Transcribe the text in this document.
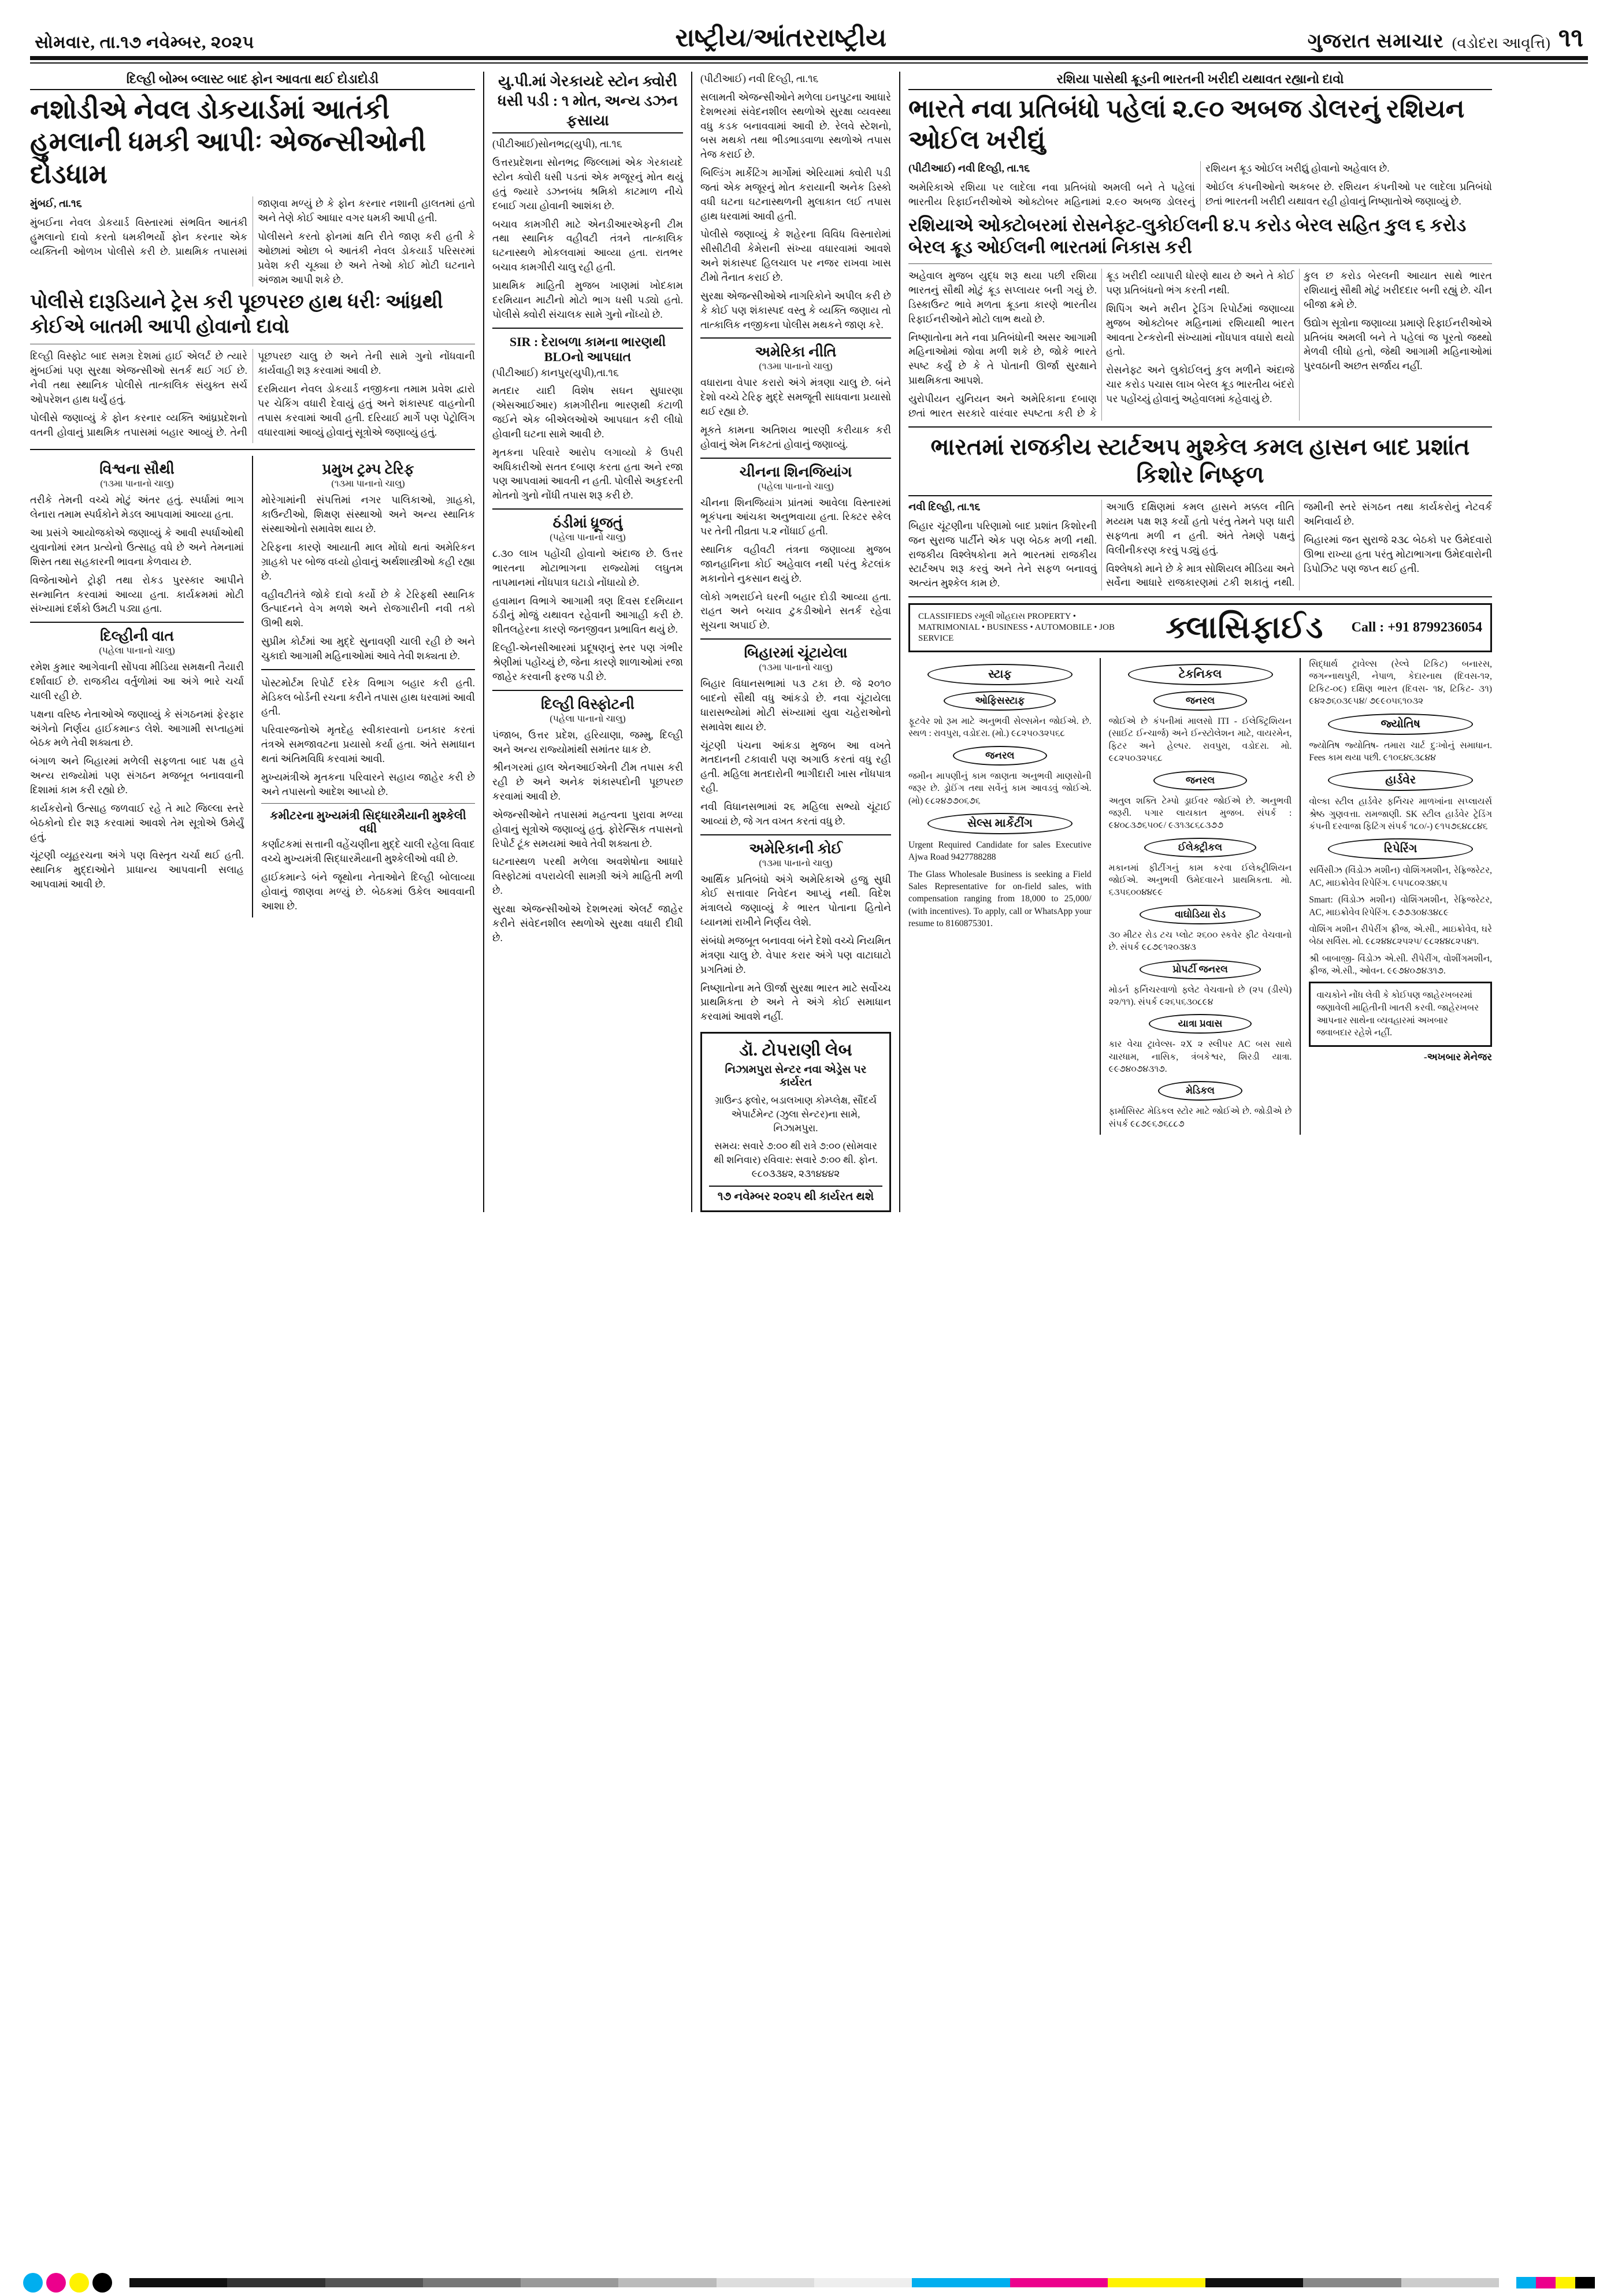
સોમવાર, તા.૧૭ નવેમ્બર, ૨૦૨૫	રાષ્ટ્રીય/આંતરરાષ્ટ્રીય	ગુજરાત સમાચાર (વડોદરા આવૃત્તિ) ૧૧
દિલ્હી બોમ્બ બ્લાસ્ટ બાદ ફોન આવતા થઈ દોડાદોડી
નશોડીએ નેવલ ડોકયાર્ડમાં આતંકી હુમલાની ધમકી આપીઃ એજન્સીઓની દોડધામ

મુંબઈ, તા.૧૬

મુંબઈના નેવલ ડોકયાર્ડ વિસ્તારમાં સંભવિત આતંકી હુમલાનો દાવો કરતો ધમકીભર્યો ફોન કરનાર એક વ્યક્તિની ઓળખ પોલીસે કરી છે. પ્રાથમિક તપાસમાં જાણવા મળ્યું છે કે ફોન કરનાર નશાની હાલતમાં હતો અને તેણે કોઈ આધાર વગર ધમકી આપી હતી.

પોલીસને કરતો ફોનમાં ક્ષતિ રીતે જાણ કરી હતી કે ઓછામાં ઓછા બે આતંકી નેવલ ડોકયાર્ડ પરિસરમાં પ્રવેશ કરી ચૂક્યા છે અને તેઓ કોઈ મોટી ઘટનાને અંજામ આપી શકે છે.

પોલીસે દારૂડિયાને ટ્રેસ કરી પૂછપરછ હાથ ધરીઃ આંધ્રથી કોઈએ બાતમી આપી હોવાનો દાવો

દિલ્હી વિસ્ફોટ બાદ સમગ્ર દેશમાં હાઈ એલર્ટ છે ત્યારે મુંબઈમાં પણ સુરક્ષા એજન્સીઓ સતર્ક થઈ ગઈ છે. નેવી તથા સ્થાનિક પોલીસે તાત્કાલિક સંયુક્ત સર્ચ ઓપરેશન હાથ ધર્યું હતું.

પોલીસે જણાવ્યું કે ફોન કરનાર વ્યક્તિ આંધ્રપ્રદેશનો વતની હોવાનું પ્રાથમિક તપાસમાં બહાર આવ્યું છે. તેની પૂછપરછ ચાલુ છે અને તેની સામે ગુનો નોંધવાની કાર્યવાહી શરૂ કરવામાં આવી છે.

દરમિયાન નેવલ ડોકયાર્ડ નજીકના તમામ પ્રવેશ દ્વારો પર ચેકિંગ વધારી દેવાયું હતું અને શંકાસ્પદ વાહનોની તપાસ કરવામાં આવી હતી. દરિયાઈ માર્ગે પણ પેટ્રોલિંગ વધારવામાં આવ્યું હોવાનું સૂત્રોએ જણાવ્યું હતું.

વિશ્વના સૌથી
(૧૩મા પાનાનો ચાલુ)

તરીકે તેમની વચ્ચે મોટું અંતર હતું. સ્પર્ધામાં ભાગ લેનારા તમામ સ્પર્ધકોને મેડલ આપવામાં આવ્યા હતા.

આ પ્રસંગે આયોજકોએ જણાવ્યું કે આવી સ્પર્ધાઓથી યુવાનોમાં રમત પ્રત્યેનો ઉત્સાહ વધે છે અને તેમનામાં શિસ્ત તથા સહકારની ભાવના કેળવાય છે.

વિજેતાઓને ટ્રોફી તથા રોકડ પુરસ્કાર આપીને સન્માનિત કરવામાં આવ્યા હતા. કાર્યક્રમમાં મોટી સંખ્યામાં દર્શકો ઉમટી પડ્યા હતા.

દિલ્હીની વાત
(પહેલા પાનાનો ચાલુ)

રમેશ કુમાર આગેવાની સોંપવા મીડિયા સમક્ષની તૈયારી દર્શાવાઈ છે. રાજકીય વર્તુળોમાં આ અંગે ભારે ચર્ચા ચાલી રહી છે.

પક્ષના વરિષ્ઠ નેતાઓએ જણાવ્યું કે સંગઠનમાં ફેરફાર અંગેનો નિર્ણય હાઈકમાન્ડ લેશે. આગામી સપ્તાહમાં બેઠક મળે તેવી શક્યતા છે.

બંગાળ અને બિહારમાં મળેલી સફળતા બાદ પક્ષ હવે અન્ય રાજ્યોમાં પણ સંગઠન મજબૂત બનાવવાની દિશામાં કામ કરી રહ્યો છે.

કાર્યકરોનો ઉત્સાહ જળવાઈ રહે તે માટે જિલ્લા સ્તરે બેઠકોનો દોર શરૂ કરવામાં આવશે તેમ સૂત્રોએ ઉમેર્યું હતું.

ચૂંટણી વ્યૂહરચના અંગે પણ વિસ્તૃત ચર્ચા થઈ હતી. સ્થાનિક મુદ્દાઓને પ્રાધાન્ય આપવાની સલાહ આપવામાં આવી છે.

પ્રમુખ ટ્રમ્પ ટેરિફ
(૧૩મા પાનાનો ચાલુ)

મોરેગામાંની સંપત્તિમાં નગર પાલિકાઓ, ગ્રાહકો, કાઉન્ટીઓ, શિક્ષણ સંસ્થાઓ અને અન્ય સ્થાનિક સંસ્થાઓનો સમાવેશ થાય છે.

ટેરિફના કારણે આયાતી માલ મોંઘો થતાં અમેરિકન ગ્રાહકો પર બોજ વધ્યો હોવાનું અર્થશાસ્ત્રીઓ કહી રહ્યા છે.

વહીવટીતંત્રે જોકે દાવો કર્યો છે કે ટેરિફથી સ્થાનિક ઉત્પાદનને વેગ મળશે અને રોજગારીની નવી તકો ઊભી થશે.

સુપ્રીમ કોર્ટમાં આ મુદ્દે સુનાવણી ચાલી રહી છે અને ચુકાદો આગામી મહિનાઓમાં આવે તેવી શક્યતા છે.

પોસ્ટમોર્ટમ રિપોર્ટ દરેક વિભાગ બહાર કરી હતી. મેડિકલ બોર્ડની રચના કરીને તપાસ હાથ ધરવામાં આવી હતી.

પરિવારજનોએ મૃતદેહ સ્વીકારવાનો ઇનકાર કરતાં તંત્રએ સમજાવટના પ્રયાસો કર્યા હતા. અંતે સમાધાન થતાં અંતિમવિધિ કરવામાં આવી.

મુખ્યમંત્રીએ મૃતકના પરિવારને સહાય જાહેર કરી છે અને તપાસનો આદેશ આપ્યો છે.

કમીટરના મુખ્યમંત્રી સિદ્ધારમૈયાની મુશ્કેલી વધી

કર્ણાટકમાં સત્તાની વહેંચણીના મુદ્દે ચાલી રહેલા વિવાદ વચ્ચે મુખ્યમંત્રી સિદ્ધારમૈયાની મુશ્કેલીઓ વધી છે.

હાઈકમાન્ડે બંને જૂથોના નેતાઓને દિલ્હી બોલાવ્યા હોવાનું જાણવા મળ્યું છે. બેઠકમાં ઉકેલ આવવાની આશા છે.

યુ.પી.માં ગેરકાયદે સ્ટોન ક્વોરી ધસી પડી : ૧ મોત, અન્ય ડઝન ફસાયા

(પીટીઆઈ)સોનભદ્ર(યુપી), તા.૧૬

ઉત્તરપ્રદેશના સોનભદ્ર જિલ્લામાં એક ગેરકાયદે સ્ટોન ક્વોરી ધસી પડતાં એક મજૂરનું મોત થયું હતું જ્યારે ડઝનબંધ શ્રમિકો કાટમાળ નીચે દબાઈ ગયા હોવાની આશંકા છે.

બચાવ કામગીરી માટે એનડીઆરએફની ટીમ તથા સ્થાનિક વહીવટી તંત્રને તાત્કાલિક ઘટનાસ્થળે મોકલવામાં આવ્યા હતા. રાતભર બચાવ કામગીરી ચાલુ રહી હતી.

પ્રાથમિક માહિતી મુજબ ખાણમાં ખોદકામ દરમિયાન માટીનો મોટો ભાગ ધસી પડ્યો હતો. પોલીસે ક્વોરી સંચાલક સામે ગુનો નોંધ્યો છે.

SIR : દેરાબળા કામના ભારણથી BLOનો આપઘાત

(પીટીઆઈ) કાનપુર(યુપી),તા.૧૬

મતદાર યાદી વિશેષ સઘન સુધારણા (એસઆઈઆર) કામગીરીના ભારણથી કંટાળી જઈને એક બીએલઓએ આપઘાત કરી લીધો હોવાની ઘટના સામે આવી છે.

મૃતકના પરિવારે આરોપ લગાવ્યો કે ઉપરી અધિકારીઓ સતત દબાણ કરતા હતા અને રજા પણ આપવામાં આવતી ન હતી. પોલીસે અકુદરતી મોતનો ગુનો નોંધી તપાસ શરૂ કરી છે.

ઠંડીમાં ધ્રૂજતું
(પહેલા પાનાનો ચાલુ)

૮.૩૦ લાખ પહોંચી હોવાનો અંદાજ છે. ઉત્તર ભારતના મોટાભાગના રાજ્યોમાં લઘુતમ તાપમાનમાં નોંધપાત્ર ઘટાડો નોંધાયો છે.

હવામાન વિભાગે આગામી ત્રણ દિવસ દરમિયાન ઠંડીનું મોજું યથાવત રહેવાની આગાહી કરી છે. શીતલહેરના કારણે જનજીવન પ્રભાવિત થયું છે.

દિલ્હી-એનસીઆરમાં પ્રદૂષણનું સ્તર પણ ગંભીર શ્રેણીમાં પહોંચ્યું છે, જેના કારણે શાળાઓમાં રજા જાહેર કરવાની ફરજ પડી છે.

દિલ્હી વિસ્ફોટની
(પહેલા પાનાનો ચાલુ)

પંજાબ, ઉત્તર પ્રદેશ, હરિયાણા, જમ્મુ, દિલ્હી અને અન્ય રાજ્યોમાંથી સમાંતર ધાક છે.

શ્રીનગરમાં હાલ એનઆઈએની ટીમ તપાસ કરી રહી છે અને અનેક શંકાસ્પદોની પૂછપરછ કરવામાં આવી છે.

એજન્સીઓને તપાસમાં મહત્વના પુરાવા મળ્યા હોવાનું સૂત્રોએ જણાવ્યું હતું. ફોરેન્સિક તપાસનો રિપોર્ટ ટૂંક સમયમાં આવે તેવી શક્યતા છે.

ઘટનાસ્થળ પરથી મળેલા અવશેષોના આધારે વિસ્ફોટમાં વપરાયેલી સામગ્રી અંગે માહિતી મળી છે.

સુરક્ષા એજન્સીઓએ દેશભરમાં એલર્ટ જાહેર કરીને સંવેદનશીલ સ્થળોએ સુરક્ષા વધારી દીધી છે.

(પીટીઆઈ) નવી દિલ્હી, તા.૧૬

સલામતી એજન્સીઓને મળેલા ઇનપુટના આધારે દેશભરમાં સંવેદનશીલ સ્થળોએ સુરક્ષા વ્યવસ્થા વધુ કડક બનાવવામાં આવી છે. રેલવે સ્ટેશનો, બસ મથકો તથા ભીડભાડવાળા સ્થળોએ તપાસ તેજ કરાઈ છે.

બિલ્ડિંગ માર્કેટિંગ માર્ગોમાં એરિયામાં ક્વોરી પડી જતાં એક મજૂરનું મોત કરાયાની અનેક ડિસ્કો વધી ઘટના ઘટનાસ્થળની મુલાકાત લઈ તપાસ હાથ ધરવામાં આવી હતી.

પોલીસે જણાવ્યું કે શહેરના વિવિધ વિસ્તારોમાં સીસીટીવી કેમેરાની સંખ્યા વધારવામાં આવશે અને શંકાસ્પદ હિલચાલ પર નજર રાખવા ખાસ ટીમો તૈનાત કરાઈ છે.

સુરક્ષા એજન્સીઓએ નાગરિકોને અપીલ કરી છે કે કોઈ પણ શંકાસ્પદ વસ્તુ કે વ્યક્તિ જણાય તો તાત્કાલિક નજીકના પોલીસ મથકને જાણ કરે.

અમેરિકા નીતિ
(૧૩મા પાનાનો ચાલુ)

વધારાના વેપાર કરારો અંગે મંત્રણા ચાલુ છે. બંને દેશો વચ્ચે ટેરિફ મુદ્દે સમજૂતી સાધવાના પ્રયાસો થઈ રહ્યા છે.

મૂકતે કામના અતિશય ભારણી કરીયાક કરી હોવાનું એમ નિકટતાં હોવાનું જણાવ્યું.

ચીનના શિનજિયાંગ
(પહેલા પાનાનો ચાલુ)

ચીનના શિનજિયાંગ પ્રાંતમાં આવેલા વિસ્તારમાં ભૂકંપના આંચકા અનુભવાયા હતા. રિક્ટર સ્કેલ પર તેની તીવ્રતા ૫.૨ નોંધાઈ હતી.

સ્થાનિક વહીવટી તંત્રના જણાવ્યા મુજબ જાનહાનિના કોઈ અહેવાલ નથી પરંતુ કેટલાંક મકાનોને નુકસાન થયું છે.

લોકો ગભરાઈને ઘરની બહાર દોડી આવ્યા હતા. રાહત અને બચાવ ટુકડીઓને સતર્ક રહેવા સૂચના અપાઈ છે.

બિહારમાં ચૂંટાયેલા
(૧૩મા પાનાનો ચાલુ)

બિહાર વિધાનસભામાં ૫૩ ટકા છે. જે ૨૦૧૦ બાદનો સૌથી વધુ આંકડો છે. નવા ચૂંટાયેલા ધારાસભ્યોમાં મોટી સંખ્યામાં યુવા ચહેરાઓનો સમાવેશ થાય છે.

ચૂંટણી પંચના આંકડા મુજબ આ વખતે મતદાનની ટકાવારી પણ અગાઉ કરતાં વધુ રહી હતી. મહિલા મતદારોની ભાગીદારી ખાસ નોંધપાત્ર રહી.

નવી વિધાનસભામાં ૨૬ મહિલા સભ્યો ચૂંટાઈ આવ્યાં છે, જે ગત વખત કરતાં વધુ છે.

અમેરિકાની કોઈ
(૧૩મા પાનાનો ચાલુ)

આર્થિક પ્રતિબંધો અંગે અમેરિકાએ હજુ સુધી કોઈ સત્તાવાર નિવેદન આપ્યું નથી. વિદેશ મંત્રાલયે જણાવ્યું કે ભારત પોતાના હિતોને ધ્યાનમાં રાખીને નિર્ણય લેશે.

સંબંધો મજબૂત બનાવવા બંને દેશો વચ્ચે નિયમિત મંત્રણા ચાલુ છે. વેપાર કરાર અંગે પણ વાટાઘાટો પ્રગતિમાં છે.

નિષ્ણાતોના મતે ઊર્જા સુરક્ષા ભારત માટે સર્વોચ્ચ પ્રાથમિકતા છે અને તે અંગે કોઈ સમાધાન કરવામાં આવશે નહીં.

ડૉ. ટોપરાણી લેબ
નિઝામપુરા સેન્ટર નવા એડ્રેસ પર કાર્યરત
ગ્રાઉન્ડ ફ્લોર, બડાલખાણ કોમ્પ્લેક્ષ, સૌંદર્ય એપાર્ટમેન્ટ (ઝુલા સેન્ટર)ના સામે, નિઝામપુરા.
સમય: સવારે ૭:૦૦ થી રાત્રે ૭:૦૦ (સોમવાર થી શનિવાર) રવિવાર: સવારે ૭:૦૦ થી. ફોન. ૯૮૦૩૩૪૨, ૨૩૧૪૪૪૨
૧૭ નવેમ્બર ૨૦૨૫ થી કાર્યરત થશે
રશિયા પાસેથી ક્રૂડની ભારતની ખરીદી યથાવત રહ્યાનો દાવો
ભારતે નવા પ્રતિબંધો પહેલાં ૨.૯૦ અબજ ડોલરનું રશિયન ઓઈલ ખરીદ્યું

(પીટીઆઈ) નવી દિલ્હી, તા.૧૬

અમેરિકાએ રશિયા પર લાદેલા નવા પ્રતિબંધો અમલી બને તે પહેલાં ભારતીય રિફાઈનરીઓએ ઓક્ટોબર મહિનામાં ૨.૯૦ અબજ ડોલરનું રશિયન ક્રૂડ ઓઈલ ખરીદ્યું હોવાનો અહેવાલ છે.

ઓઈલ કંપનીઓનો અકબર છે. રશિયન કંપનીઓ પર લાદેલા પ્રતિબંધો છતાં ભારતની ખરીદી યથાવત રહી હોવાનું નિષ્ણાતોએ જણાવ્યું છે.

રશિયાએ ઓક્ટોબરમાં રોસનેફ્ટ-લુકોઈલની ૪.૫ કરોડ બેરલ સહિત કુલ ૬ કરોડ બેરલ ક્રૂડ ઓઈલની ભારતમાં નિકાસ કરી

અહેવાલ મુજબ યુદ્ધ શરૂ થયા પછી રશિયા ભારતનું સૌથી મોટું ક્રૂડ સપ્લાયર બની ગયું છે. ડિસ્કાઉન્ટ ભાવે મળતા ક્રૂડના કારણે ભારતીય રિફાઈનરીઓને મોટો લાભ થયો છે.

નિષ્ણાતોના મતે નવા પ્રતિબંધોની અસર આગામી મહિનાઓમાં જોવા મળી શકે છે, જોકે ભારતે સ્પષ્ટ કર્યું છે કે તે પોતાની ઊર્જા સુરક્ષાને પ્રાથમિકતા આપશે.

યુરોપીયન યુનિયન અને અમેરિકાના દબાણ છતાં ભારત સરકારે વારંવાર સ્પષ્ટતા કરી છે કે ક્રૂડ ખરીદી વ્યાપારી ધોરણે થાય છે અને તે કોઈ પણ પ્રતિબંધનો ભંગ કરતી નથી.

શિપિંગ અને મરીન ટ્રેડિંગ રિપોર્ટમાં જણાવ્યા મુજબ ઓક્ટોબર મહિનામાં રશિયાથી ભારત આવતા ટેન્કરોની સંખ્યામાં નોંધપાત્ર વધારો થયો હતો.

રોસનેફ્ટ અને લુકોઈલનું કુલ મળીને અંદાજે ચાર કરોડ પચાસ લાખ બેરલ ક્રૂડ ભારતીય બંદરો પર પહોંચ્યું હોવાનું અહેવાલમાં કહેવાયું છે.

કુલ છ કરોડ બેરલની આયાત સાથે ભારત રશિયાનું સૌથી મોટું ખરીદદાર બની રહ્યું છે. ચીન બીજા ક્રમે છે.

ઉદ્યોગ સૂત્રોના જણાવ્યા પ્રમાણે રિફાઈનરીઓએ પ્રતિબંધ અમલી બને તે પહેલાં જ પૂરતો જથ્થો મેળવી લીધો હતો, જેથી આગામી મહિનાઓમાં પુરવઠાની અછત સર્જાય નહીં.

ભારતમાં રાજકીય સ્ટાર્ટઅપ મુશ્કેલ કમલ હાસન બાદ પ્રશાંત કિશોર નિષ્ફળ

નવી દિલ્હી, તા.૧૬

બિહાર ચૂંટણીના પરિણામો બાદ પ્રશાંત કિશોરની જન સુરાજ પાર્ટીને એક પણ બેઠક મળી નથી. રાજકીય વિશ્લેષકોના મતે ભારતમાં રાજકીય સ્ટાર્ટઅપ શરૂ કરવું અને તેને સફળ બનાવવું અત્યંત મુશ્કેલ કામ છે.

અગાઉ દક્ષિણમાં કમલ હાસને મક્કલ નીતિ મય્યમ પક્ષ શરૂ કર્યો હતો પરંતુ તેમને પણ ધારી સફળતા મળી ન હતી. અંતે તેમણે પક્ષનું વિલીનીકરણ કરવું પડ્યું હતું.

વિશ્લેષકો માને છે કે માત્ર સોશિયલ મીડિયા અને સર્વેના આધારે રાજકારણમાં ટકી શકાતું નથી. જમીની સ્તરે સંગઠન તથા કાર્યકરોનું નેટવર્ક અનિવાર્ય છે.

બિહારમાં જન સુરાજે ૨૩૮ બેઠકો પર ઉમેદવારો ઊભા રાખ્યા હતા પરંતુ મોટાભાગના ઉમેદવારોની ડિપોઝિટ પણ જપ્ત થઈ હતી.

CLASSIFIEDS રમૂલી શોંહદાસ PROPERTY • MATRIMONIAL • BUSINESS • AUTOMOBILE • JOB SERVICE	ક્લાસિફાઈડ Call : +91 8799236054
સ્ટાફ
ઓફિસસ્ટાફ

ફૂટવેર શો રૂમ માટે અનુભવી સેલ્સમેન જોઈએ. છે. સ્થળ : રાવપુરા, વડોદરા. (મો.) ૯૮૨૫૦૩૨૫૬૮

જનરલ

જમીન માપણીનું કામ જાણતા અનુભવી માણસોની જરૂર છે. ડ્રોઈંગ તથા સર્વેનું કામ આવડવું જોઈએ. (મો) ૯૮૨૪૭૭૦૬૭૬

સેલ્સ માર્કેટીંગ

Urgent Required Candidate for sales Executive Ajwa Road 9427788288

The Glass Wholesale Business is seeking a Field Sales Representative for on-field sales, with compensation ranging from 18,000 to 25,000/ (with incentives). To apply, call or WhatsApp your resume to 8160875301.

ટેકનિકલ
જનરલ

જોઈએ છે કંપનીમાં માલસો ITI - ઈલેક્ટ્રિશિયન (સાઈટ ઈન્ચાર્જ) અને ઈન્સ્ટોલેશન માટે, વાયરમેન, ફિટર અને હેલ્પર. રાવપુરા, વડોદરા. મો. ૯૮૨૫૦૩૨૫૬૮

જનરલ

અતુલ શક્તિ ટેમ્પો ડ્રાઈવર જોઈએ છે. અનુભવી જરૂરી. પગાર લાયકાત મુજબ. સંપર્ક : ૯૪૦૮૩૭૬૫૦૯/ ૯૩૧૩૮૬૮૩૭૭

ઈલેક્ટ્રીકલ

મકાનમાં ફીટીંગનું કામ કરવા ઈલેક્ટ્રીશિયન જોઈએ. અનુભવી ઉમેદવારને પ્રાથમિકતા. મો. ૬૩૫૬૦૦૪૪૯૯

વાઘોડિયા રોડ

૩૦ મીટર રોડ ટચ પ્લોટ ૨૬૦૦ સ્કવેર ફીટ વેચવાનો છે. સંપર્ક ૯૮૭૯૧૨૦૩૪૩

પ્રોપર્ટી જનરલ

મોડર્ન ફર્નિચરવાળો ફ્લેટ વેચવાનો છે (૨૫ (ડીસ્પે) ૨૨/૧૧). સંપર્ક ૯૨૬૫૬૩૦૮૯૪

યાત્રા પ્રવાસ

કાર વેચા ટ્રાવેલ્સ- ૨X ૨ સ્લીપર AC બસ સાથે ચારધામ, નાસિક, ત્રંબકેશ્વર, શિરડી યાત્રા. ૯૯૭૪૦૭૪૩૧૭.

મેડિકલ

ફાર્માસિસ્ટ મેડિકલ સ્ટોર માટે જોઈએ છે. જોડીએ છે સંપર્ક ૯૮૭૯૬૭૬૮૮૭

સિદ્ધાર્થ ટ્રાવેલ્સ (રેલ્વે ટિકિટ) બનારસ, જગન્નાથપુરી, નેપાળ, કેદારનાથ (દિવસ-૧૨, ટિકિટ-૦૯) દક્ષિણ ભારત (દિવસ- ૧૪, ટિકિટ- ૩૧) ૯૪૨૭૬૦૩૯૫૪/ ૭૯૯૦૫૬૧૦૩૨

જ્યોતિષ

જ્યોતિષ જ્યોતિષ- તમારા ચાર્ટ દુઃખોનું સમાધાન. Fees કામ થયા પછી. ૯૧૦૬૪૬૩૮૪૪

હાર્ડવેર

વોલ્કા સ્ટીલ હાર્ડવેર ફર્નિચર માળખાંના સપ્લાયર્સ શ્રેષ્ઠ ગુણવત્તા. રામજાણી. SK સ્ટીલ હાર્ડવેર ટ્રેડિંગ કંપની દરવાજા ફિટિંગ સંપર્ક ૧૮૦/-) ૯૧૫૭૬૪૮૮૪૬

રિપેરિંગ

સર્વિસીઝ (વિંડોઝ મશીન) વોશિંગમશીન, રેફ્રિજરેટર, AC, માઇક્રોવેવ રિપેરિંગ. ૯૫૫૮૦૨૩૪૬૫

Smart: (વિંડોઝ મશીન) વોશિંગમશીન, રેફ્રિજરેટર, AC, માઇક્રોવેવ રિપેરિંગ. ૯૭૭૩૦૪૩૪૮૯

વોશિંગ મશીન રીપેરીંગ ફ્રીજ, એ.સી., માઇક્રોવેવ, ઘરે બેઠા સર્વિસ. મો. ૯૮૨૪૪૮૨૫૨૫/ ૯૮૨૪૪૮૨૫૪૧.

શ્રી બાબાજી- વિંડોઝ એ.સી. રીપેરીંગ, વોશીંગમશીન, ફ્રીજ, એ.સી., ઓવન. ૯૯૭૪૦૭૪૩૧૭.

વાચકોને નોંધ લેવી કે કોઈપણ જાહેરખબરમાં જણાવેલી માહિતીની ખાતરી કરવી. જાહેરખબર આપનાર સાથેના વ્યવહારમાં અખબાર જવાબદાર રહેશે નહીં.
-અખબાર મેનેજર
